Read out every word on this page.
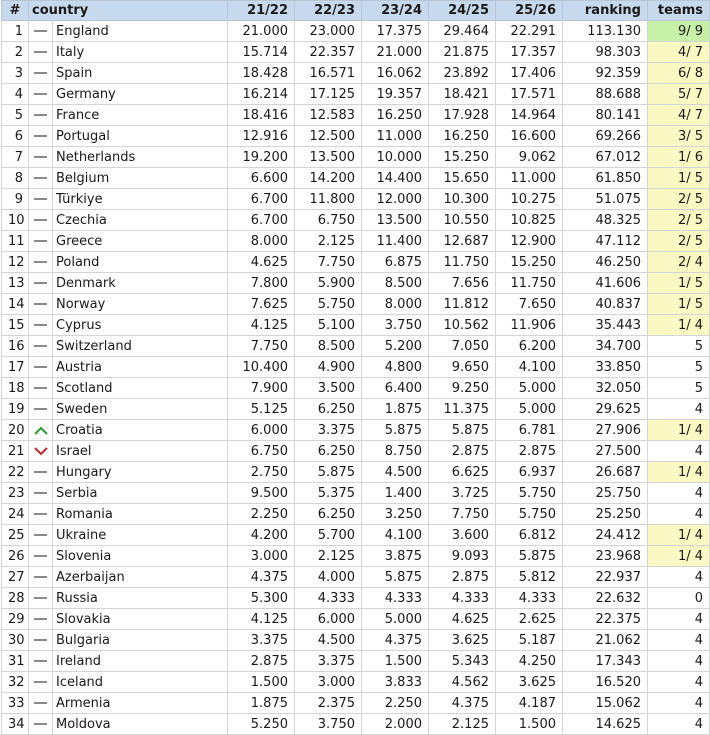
#	country		21/22	22/23	23/24	24/25	25/26	ranking	teams
1		England	21.000	23.000	17.375	29.464	22.291	113.130	9/ 9
2		Italy	15.714	22.357	21.000	21.875	17.357	98.303	4/ 7
3		Spain	18.428	16.571	16.062	23.892	17.406	92.359	6/ 8
4		Germany	16.214	17.125	19.357	18.421	17.571	88.688	5/ 7
5		France	18.416	12.583	16.250	17.928	14.964	80.141	4/ 7
6		Portugal	12.916	12.500	11.000	16.250	16.600	69.266	3/ 5
7		Netherlands	19.200	13.500	10.000	15.250	9.062	67.012	1/ 6
8		Belgium	6.600	14.200	14.400	15.650	11.000	61.850	1/ 5
9		Türkiye	6.700	11.800	12.000	10.300	10.275	51.075	2/ 5
10		Czechia	6.700	6.750	13.500	10.550	10.825	48.325	2/ 5
11		Greece	8.000	2.125	11.400	12.687	12.900	47.112	2/ 5
12		Poland	4.625	7.750	6.875	11.750	15.250	46.250	2/ 4
13		Denmark	7.800	5.900	8.500	7.656	11.750	41.606	1/ 5
14		Norway	7.625	5.750	8.000	11.812	7.650	40.837	1/ 5
15		Cyprus	4.125	5.100	3.750	10.562	11.906	35.443	1/ 4
16		Switzerland	7.750	8.500	5.200	7.050	6.200	34.700	5
17		Austria	10.400	4.900	4.800	9.650	4.100	33.850	5
18		Scotland	7.900	3.500	6.400	9.250	5.000	32.050	5
19		Sweden	5.125	6.250	1.875	11.375	5.000	29.625	4
20		Croatia	6.000	3.375	5.875	5.875	6.781	27.906	1/ 4
21		Israel	6.750	6.250	8.750	2.875	2.875	27.500	4
22		Hungary	2.750	5.875	4.500	6.625	6.937	26.687	1/ 4
23		Serbia	9.500	5.375	1.400	3.725	5.750	25.750	4
24		Romania	2.250	6.250	3.250	7.750	5.750	25.250	4
25		Ukraine	4.200	5.700	4.100	3.600	6.812	24.412	1/ 4
26		Slovenia	3.000	2.125	3.875	9.093	5.875	23.968	1/ 4
27		Azerbaijan	4.375	4.000	5.875	2.875	5.812	22.937	4
28		Russia	5.300	4.333	4.333	4.333	4.333	22.632	0
29		Slovakia	4.125	6.000	5.000	4.625	2.625	22.375	4
30		Bulgaria	3.375	4.500	4.375	3.625	5.187	21.062	4
31		Ireland	2.875	3.375	1.500	5.343	4.250	17.343	4
32		Iceland	1.500	3.000	3.833	4.562	3.625	16.520	4
33		Armenia	1.875	2.375	2.250	4.375	4.187	15.062	4
34		Moldova	5.250	3.750	2.000	2.125	1.500	14.625	4
